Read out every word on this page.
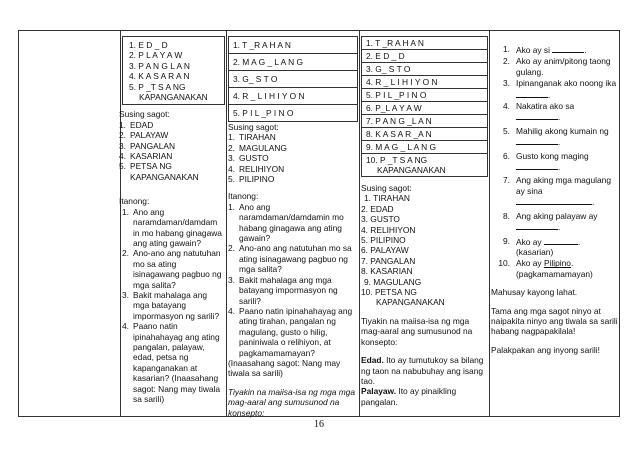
1. E D _ D
2. P L A Y A W
3. P A N G L A N
4. K A S A R A N
5. P _T S A NG
KAPANGANAKAN

Susing sagot:

1. EDAD
2. PALAYAW
3. PANGALAN
4. KASARIAN
5. PETSA NG

KAPANGANAKAN

Itanong:

1. Ano ang naramdaman/damdam in mo habang ginagawa ang ating gawain?
2. Ano-ano ang natutuhan mo sa ating isinagawang pagbuo ng mga salita?
3. Bakit mahalaga ang mga batayang impormasyon ng sarili?
4. Paano natin ipinahahayag ang ating pangalan, palayaw, edad, petsa ng kapanganakan at kasarian? (Inaasahang sagot: Nang may tiwala sa sarili)
1. T _R A H A N
2. M A G _ L A N G
3. G_ S T O
4. R _ L I H I Y O N
5. P I L _P I N O

Susing sagot:

1. TIRAHAN
2. MAGULANG
3. GUSTO
4. RELIHIYON
5. PILIPINO

Itanong:

1. Ano ang naramdaman/damdamin mo habang ginagawa ang ating gawain?
2. Ano-ano ang natutuhan mo sa ating isinagawang pagbuo ng mga salita?
3. Bakit mahalaga ang mga batayang impormasyon ng sarili?
4. Paano natin ipinahahayag ang ating tirahan, pangalan ng magulang, gusto o hilig, paniniwala o relihiyon, at pagkamamamayan?

(Inaasahang sagot: Nang may tiwala sa sarili)

Tiyakin na maiisa-isa ng mga mga mag-aaral ang sumusunod na konsepto:

1. T _R A H A N
2. E D _ D
3. G_ S T O
4. R _ L I H I Y O N
5. P I L _P I N O
6. P_L A Y A W
7. P A N G _L A N
8. K A S A R _A N
9. M A G _ L A N G

10. P _T S A NG
KAPANGANAKAN

Susing sagot:

1. TIRAHAN
2. EDAD
3. GUSTO
4. RELIHIYON
5. PILIPINO
6. PALAYAW
7. PANGALAN
8. KASARIAN
9. MAGULANG
10. PETSA NG
KAPANGANAKAN

Tiyakin na maiisa-isa ng mga mag-aaral ang sumusunod na konsepto:

Edad. Ito ay tumutukoy sa bilang ng taon na nabubuhay ang isang tao.

Palayaw. Ito ay pinaikling pangalan.

1. Ako ay si	.
2. Ako ay anim/pitong taong gulang.
3. Ipinanganak ako noong ika.
4. Nakatira ako sa
.
5. Mahilig akong kumain ng
.
6. Gusto kong maging
.
7. Ang aking mga magulang ay sina
.
8. Ang aking palayaw ay
.
9. Ako ay	. (kasarian)
10. Ako ay Pilipino. (pagkamamamayan)

Mahusay kayong lahat.

Tama ang mga sagot ninyo at naipakita ninyo ang tiwala sa sarili habang nagpapakilala!

Palakpakan ang inyong sarili!

16
